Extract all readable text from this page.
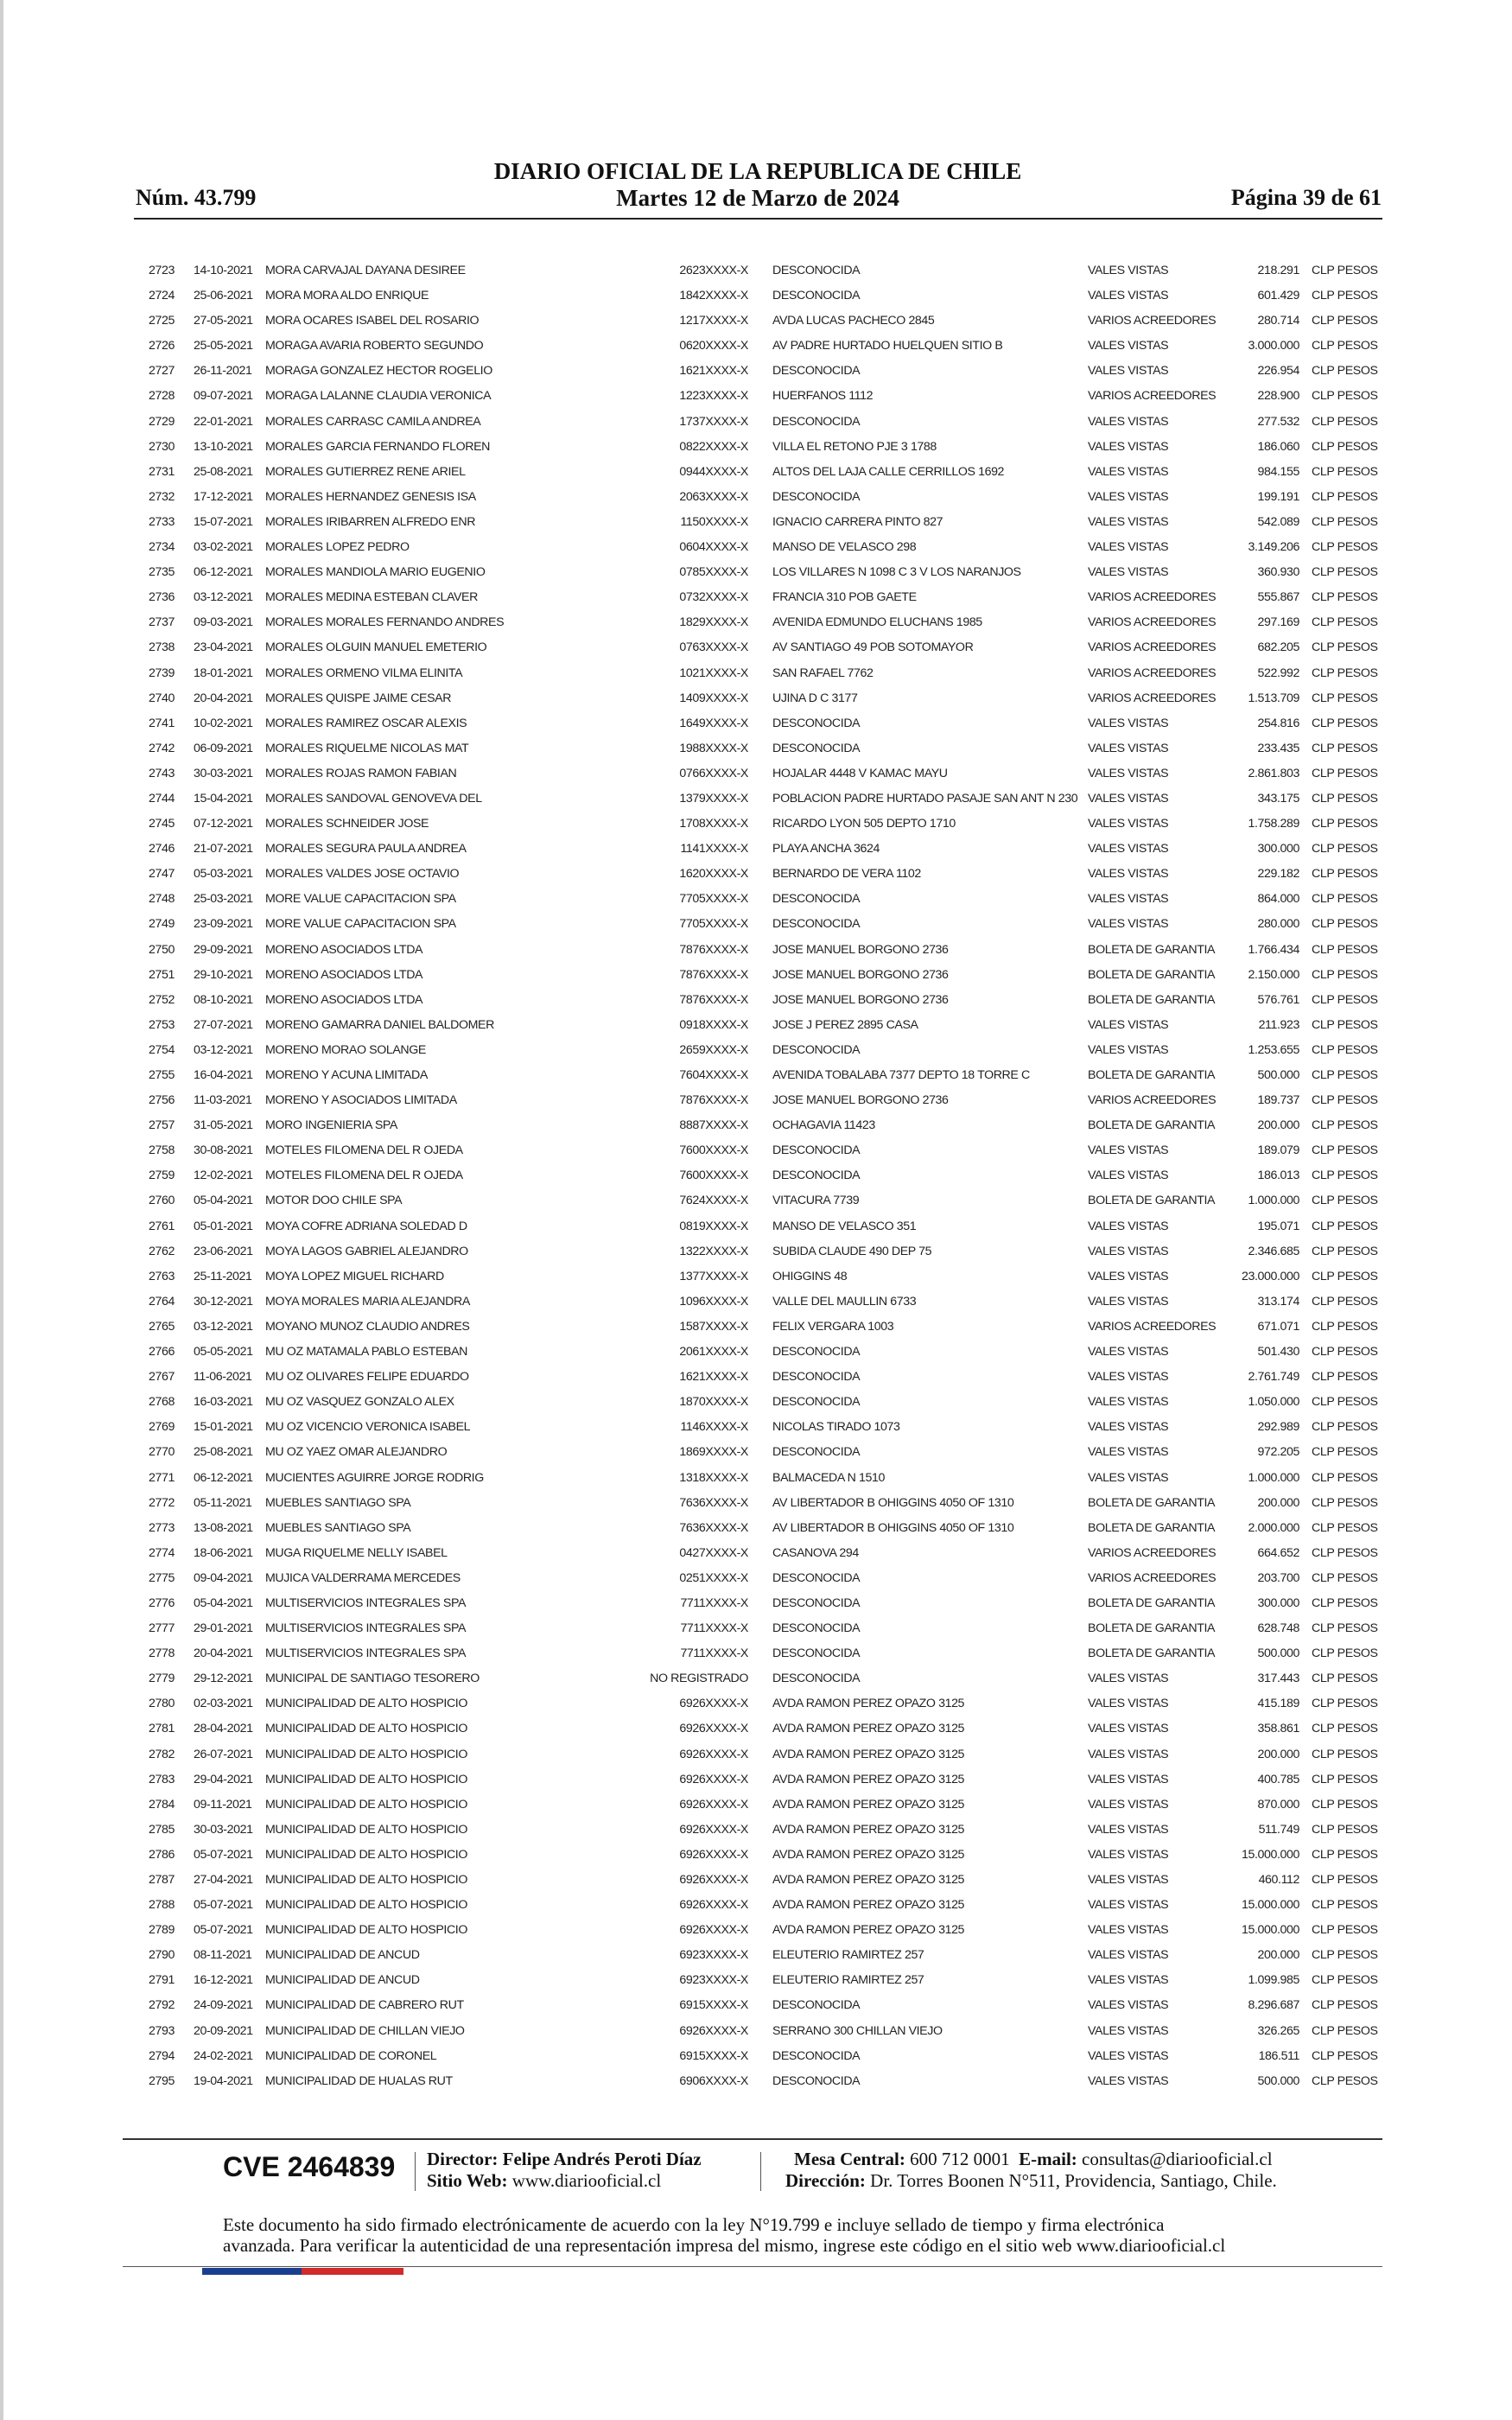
DIARIO OFICIAL DE LA REPUBLICA DE CHILE
Núm. 43.799	Martes 12 de Marzo de 2024	Página 39 de 61
2723 14-10-2021 MORA CARVAJAL DAYANA DESIREE	2623XXXX-X DESCONOCIDA	VALES VISTAS	218.291 CLP PESOS
2724 25-06-2021 MORA MORA ALDO ENRIQUE	1842XXXX-X DESCONOCIDA	VALES VISTAS	601.429 CLP PESOS
2725 27-05-2021 MORA OCARES ISABEL DEL ROSARIO	1217XXXX-X AVDA LUCAS PACHECO 2845	VARIOS ACREEDORES	280.714 CLP PESOS
2726 25-05-2021 MORAGA AVARIA ROBERTO SEGUNDO	0620XXXX-X AV PADRE HURTADO HUELQUEN SITIO B	VALES VISTAS	3.000.000 CLP PESOS
2727 26-11-2021 MORAGA GONZALEZ HECTOR ROGELIO	1621XXXX-X DESCONOCIDA	VALES VISTAS	226.954 CLP PESOS
2728 09-07-2021 MORAGA LALANNE CLAUDIA VERONICA	1223XXXX-X HUERFANOS 1112	VARIOS ACREEDORES	228.900 CLP PESOS
2729 22-01-2021 MORALES CARRASC CAMILA ANDREA	1737XXXX-X DESCONOCIDA	VALES VISTAS	277.532 CLP PESOS
2730 13-10-2021 MORALES GARCIA FERNANDO FLOREN	0822XXXX-X VILLA EL RETONO PJE 3 1788	VALES VISTAS	186.060 CLP PESOS
2731 25-08-2021 MORALES GUTIERREZ RENE ARIEL	0944XXXX-X ALTOS DEL LAJA CALLE CERRILLOS 1692	VALES VISTAS	984.155 CLP PESOS
2732 17-12-2021 MORALES HERNANDEZ GENESIS ISA	2063XXXX-X DESCONOCIDA	VALES VISTAS	199.191 CLP PESOS
2733 15-07-2021 MORALES IRIBARREN ALFREDO ENR	1150XXXX-X IGNACIO CARRERA PINTO 827	VALES VISTAS	542.089 CLP PESOS
2734 03-02-2021 MORALES LOPEZ PEDRO	0604XXXX-X MANSO DE VELASCO 298	VALES VISTAS	3.149.206 CLP PESOS
2735 06-12-2021 MORALES MANDIOLA MARIO EUGENIO	0785XXXX-X LOS VILLARES N 1098 C 3 V LOS NARANJOS	VALES VISTAS	360.930 CLP PESOS
2736 03-12-2021 MORALES MEDINA ESTEBAN CLAVER	0732XXXX-X FRANCIA 310 POB GAETE	VARIOS ACREEDORES	555.867 CLP PESOS
2737 09-03-2021 MORALES MORALES FERNANDO ANDRES	1829XXXX-X AVENIDA EDMUNDO ELUCHANS 1985	VARIOS ACREEDORES	297.169 CLP PESOS
2738 23-04-2021 MORALES OLGUIN MANUEL EMETERIO	0763XXXX-X AV SANTIAGO 49 POB SOTOMAYOR	VARIOS ACREEDORES	682.205 CLP PESOS
2739 18-01-2021 MORALES ORMENO VILMA ELINITA	1021XXXX-X SAN RAFAEL 7762	VARIOS ACREEDORES	522.992 CLP PESOS
2740 20-04-2021 MORALES QUISPE JAIME CESAR	1409XXXX-X UJINA D C 3177	VARIOS ACREEDORES	1.513.709 CLP PESOS
2741 10-02-2021 MORALES RAMIREZ OSCAR ALEXIS	1649XXXX-X DESCONOCIDA	VALES VISTAS	254.816 CLP PESOS
2742 06-09-2021 MORALES RIQUELME NICOLAS MAT	1988XXXX-X DESCONOCIDA	VALES VISTAS	233.435 CLP PESOS
2743 30-03-2021 MORALES ROJAS RAMON FABIAN	0766XXXX-X HOJALAR 4448 V KAMAC MAYU	VALES VISTAS	2.861.803 CLP PESOS
2744 15-04-2021 MORALES SANDOVAL GENOVEVA DEL	1379XXXX-X POBLACION PADRE HURTADO PASAJE SAN ANT N 230 VALES VISTAS	343.175 CLP PESOS
2745 07-12-2021 MORALES SCHNEIDER JOSE	1708XXXX-X RICARDO LYON 505 DEPTO 1710	VALES VISTAS	1.758.289 CLP PESOS
2746 21-07-2021 MORALES SEGURA PAULA ANDREA	1141XXXX-X PLAYA ANCHA 3624	VALES VISTAS	300.000 CLP PESOS
2747 05-03-2021 MORALES VALDES JOSE OCTAVIO	1620XXXX-X BERNARDO DE VERA 1102	VALES VISTAS	229.182 CLP PESOS
2748 25-03-2021 MORE VALUE CAPACITACION SPA	7705XXXX-X DESCONOCIDA	VALES VISTAS	864.000 CLP PESOS
2749 23-09-2021 MORE VALUE CAPACITACION SPA	7705XXXX-X DESCONOCIDA	VALES VISTAS	280.000 CLP PESOS
2750 29-09-2021 MORENO ASOCIADOS LTDA	7876XXXX-X JOSE MANUEL BORGONO 2736	BOLETA DE GARANTIA	1.766.434 CLP PESOS
2751 29-10-2021 MORENO ASOCIADOS LTDA	7876XXXX-X JOSE MANUEL BORGONO 2736	BOLETA DE GARANTIA	2.150.000 CLP PESOS
2752 08-10-2021 MORENO ASOCIADOS LTDA	7876XXXX-X JOSE MANUEL BORGONO 2736	BOLETA DE GARANTIA	576.761 CLP PESOS
2753 27-07-2021 MORENO GAMARRA DANIEL BALDOMER	0918XXXX-X JOSE J PEREZ 2895 CASA	VALES VISTAS	211.923 CLP PESOS
2754 03-12-2021 MORENO MORAO SOLANGE	2659XXXX-X DESCONOCIDA	VALES VISTAS	1.253.655 CLP PESOS
2755 16-04-2021 MORENO Y ACUNA LIMITADA	7604XXXX-X AVENIDA TOBALABA 7377 DEPTO 18 TORRE C	BOLETA DE GARANTIA	500.000 CLP PESOS
2756 11-03-2021 MORENO Y ASOCIADOS LIMITADA	7876XXXX-X JOSE MANUEL BORGONO 2736	VARIOS ACREEDORES	189.737 CLP PESOS
2757 31-05-2021 MORO INGENIERIA SPA	8887XXXX-X OCHAGAVIA 11423	BOLETA DE GARANTIA	200.000 CLP PESOS
2758 30-08-2021 MOTELES FILOMENA DEL R OJEDA	7600XXXX-X DESCONOCIDA	VALES VISTAS	189.079 CLP PESOS
2759 12-02-2021 MOTELES FILOMENA DEL R OJEDA	7600XXXX-X DESCONOCIDA	VALES VISTAS	186.013 CLP PESOS
2760 05-04-2021 MOTOR DOO CHILE SPA	7624XXXX-X VITACURA 7739	BOLETA DE GARANTIA	1.000.000 CLP PESOS
2761 05-01-2021 MOYA COFRE ADRIANA SOLEDAD D	0819XXXX-X MANSO DE VELASCO 351	VALES VISTAS	195.071 CLP PESOS
2762 23-06-2021 MOYA LAGOS GABRIEL ALEJANDRO	1322XXXX-X SUBIDA CLAUDE 490 DEP 75	VALES VISTAS	2.346.685 CLP PESOS
2763 25-11-2021 MOYA LOPEZ MIGUEL RICHARD	1377XXXX-X OHIGGINS 48	VALES VISTAS	23.000.000 CLP PESOS
2764 30-12-2021 MOYA MORALES MARIA ALEJANDRA	1096XXXX-X VALLE DEL MAULLIN 6733	VALES VISTAS	313.174 CLP PESOS
2765 03-12-2021 MOYANO MUNOZ CLAUDIO ANDRES	1587XXXX-X FELIX VERGARA 1003	VARIOS ACREEDORES	671.071 CLP PESOS
2766 05-05-2021 MU OZ MATAMALA PABLO ESTEBAN	2061XXXX-X DESCONOCIDA	VALES VISTAS	501.430 CLP PESOS
2767 11-06-2021 MU OZ OLIVARES FELIPE EDUARDO	1621XXXX-X DESCONOCIDA	VALES VISTAS	2.761.749 CLP PESOS
2768 16-03-2021 MU OZ VASQUEZ GONZALO ALEX	1870XXXX-X DESCONOCIDA	VALES VISTAS	1.050.000 CLP PESOS
2769 15-01-2021 MU OZ VICENCIO VERONICA ISABEL	1146XXXX-X NICOLAS TIRADO 1073	VALES VISTAS	292.989 CLP PESOS
2770 25-08-2021 MU OZ YAEZ OMAR ALEJANDRO	1869XXXX-X DESCONOCIDA	VALES VISTAS	972.205 CLP PESOS
2771 06-12-2021 MUCIENTES AGUIRRE JORGE RODRIG	1318XXXX-X BALMACEDA N 1510	VALES VISTAS	1.000.000 CLP PESOS
2772 05-11-2021 MUEBLES SANTIAGO SPA	7636XXXX-X AV LIBERTADOR B OHIGGINS 4050 OF 1310	BOLETA DE GARANTIA	200.000 CLP PESOS
2773 13-08-2021 MUEBLES SANTIAGO SPA	7636XXXX-X AV LIBERTADOR B OHIGGINS 4050 OF 1310	BOLETA DE GARANTIA	2.000.000 CLP PESOS
2774 18-06-2021 MUGA RIQUELME NELLY ISABEL	0427XXXX-X CASANOVA 294	VARIOS ACREEDORES	664.652 CLP PESOS
2775 09-04-2021 MUJICA VALDERRAMA MERCEDES	0251XXXX-X DESCONOCIDA	VARIOS ACREEDORES	203.700 CLP PESOS
2776 05-04-2021 MULTISERVICIOS INTEGRALES SPA	7711XXXX-X DESCONOCIDA	BOLETA DE GARANTIA	300.000 CLP PESOS
2777 29-01-2021 MULTISERVICIOS INTEGRALES SPA	7711XXXX-X DESCONOCIDA	BOLETA DE GARANTIA	628.748 CLP PESOS
2778 20-04-2021 MULTISERVICIOS INTEGRALES SPA	7711XXXX-X DESCONOCIDA	BOLETA DE GARANTIA	500.000 CLP PESOS
2779 29-12-2021 MUNICIPAL DE SANTIAGO TESORERO	NO REGISTRADO DESCONOCIDA	VALES VISTAS	317.443 CLP PESOS
2780 02-03-2021 MUNICIPALIDAD DE ALTO HOSPICIO	6926XXXX-X AVDA RAMON PEREZ OPAZO 3125	VALES VISTAS	415.189 CLP PESOS
2781 28-04-2021 MUNICIPALIDAD DE ALTO HOSPICIO	6926XXXX-X AVDA RAMON PEREZ OPAZO 3125	VALES VISTAS	358.861 CLP PESOS
2782 26-07-2021 MUNICIPALIDAD DE ALTO HOSPICIO	6926XXXX-X AVDA RAMON PEREZ OPAZO 3125	VALES VISTAS	200.000 CLP PESOS
2783 29-04-2021 MUNICIPALIDAD DE ALTO HOSPICIO	6926XXXX-X AVDA RAMON PEREZ OPAZO 3125	VALES VISTAS	400.785 CLP PESOS
2784 09-11-2021 MUNICIPALIDAD DE ALTO HOSPICIO	6926XXXX-X AVDA RAMON PEREZ OPAZO 3125	VALES VISTAS	870.000 CLP PESOS
2785 30-03-2021 MUNICIPALIDAD DE ALTO HOSPICIO	6926XXXX-X AVDA RAMON PEREZ OPAZO 3125	VALES VISTAS	511.749 CLP PESOS
2786 05-07-2021 MUNICIPALIDAD DE ALTO HOSPICIO	6926XXXX-X AVDA RAMON PEREZ OPAZO 3125	VALES VISTAS	15.000.000 CLP PESOS
2787 27-04-2021 MUNICIPALIDAD DE ALTO HOSPICIO	6926XXXX-X AVDA RAMON PEREZ OPAZO 3125	VALES VISTAS	460.112 CLP PESOS
2788 05-07-2021 MUNICIPALIDAD DE ALTO HOSPICIO	6926XXXX-X AVDA RAMON PEREZ OPAZO 3125	VALES VISTAS	15.000.000 CLP PESOS
2789 05-07-2021 MUNICIPALIDAD DE ALTO HOSPICIO	6926XXXX-X AVDA RAMON PEREZ OPAZO 3125	VALES VISTAS	15.000.000 CLP PESOS
2790 08-11-2021 MUNICIPALIDAD DE ANCUD	6923XXXX-X ELEUTERIO RAMIRTEZ 257	VALES VISTAS	200.000 CLP PESOS
2791 16-12-2021 MUNICIPALIDAD DE ANCUD	6923XXXX-X ELEUTERIO RAMIRTEZ 257	VALES VISTAS	1.099.985 CLP PESOS
2792 24-09-2021 MUNICIPALIDAD DE CABRERO RUT	6915XXXX-X DESCONOCIDA	VALES VISTAS	8.296.687 CLP PESOS
2793 20-09-2021 MUNICIPALIDAD DE CHILLAN VIEJO	6926XXXX-X SERRANO 300 CHILLAN VIEJO	VALES VISTAS	326.265 CLP PESOS
2794 24-02-2021 MUNICIPALIDAD DE CORONEL	6915XXXX-X DESCONOCIDA	VALES VISTAS	186.511 CLP PESOS
2795 19-04-2021 MUNICIPALIDAD DE HUALAS RUT	6906XXXX-X DESCONOCIDA	VALES VISTAS	500.000 CLP PESOS
CVE 2464839 Director: Felipe Andrés Peroti Díaz
Sitio Web: www.diariooficial.cl
Mesa Central: 600 712 0001 E-mail: consultas@diariooficial.cl
Dirección: Dr. Torres Boonen N°511, Providencia, Santiago, Chile.
Este documento ha sido firmado electrónicamente de acuerdo con la ley N°19.799 e incluye sellado de tiempo y firma electrónica
avanzada. Para verificar la autenticidad de una representación impresa del mismo, ingrese este código en el sitio web www.diariooficial.cl
